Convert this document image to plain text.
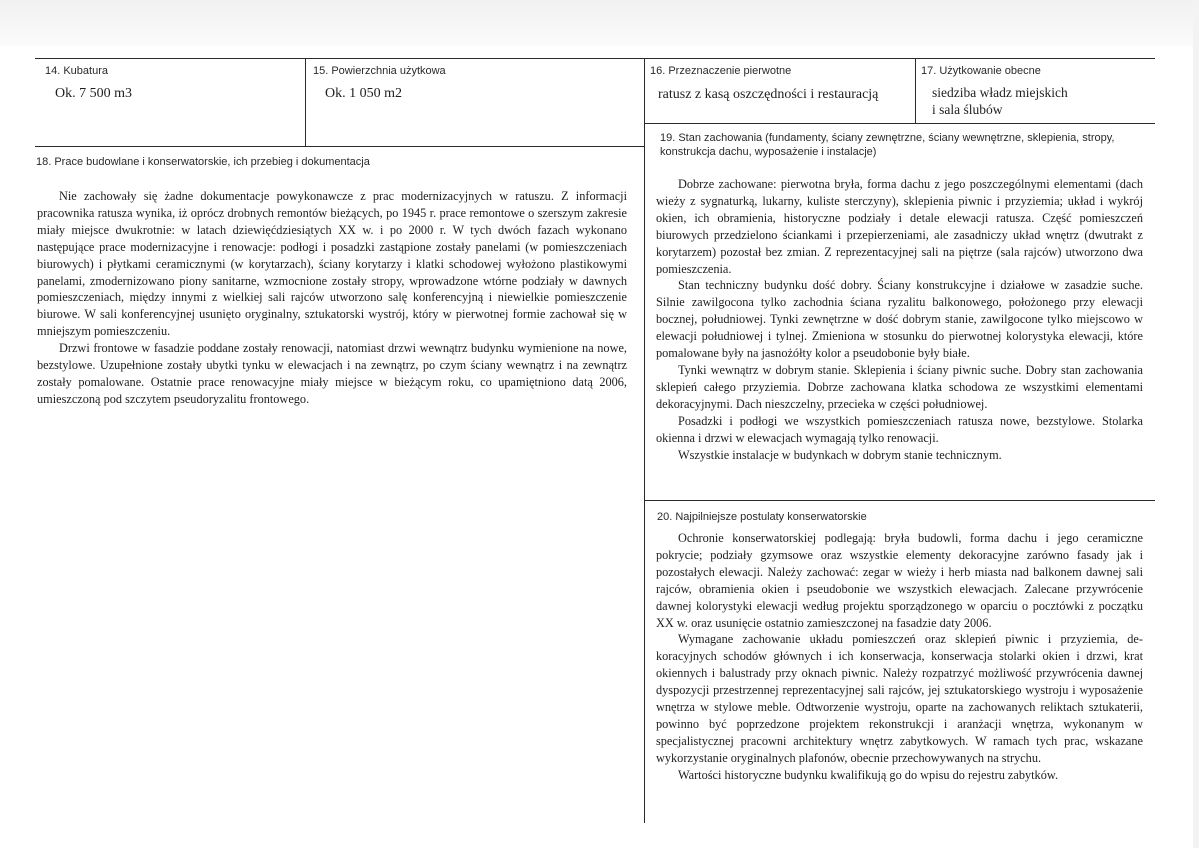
14. Kubatura
Ok. 7 500 m3
15. Powierzchnia użytkowa
Ok. 1 050 m2
16. Przeznaczenie pierwotne
ratusz z kasą oszczędności i restauracją
17. Użytkowanie obecne
siedziba władz miejskich
i sala ślubów
18. Prace budowlane i konserwatorskie, ich przebieg i dokumentacja

Nie zachowały się żadne dokumentacje powykonawcze z prac modernizacyjnych w ratuszu. Z informacji pracownika ratusza wynika, iż oprócz drobnych remontów bieżących, po 1945 r. prace remontowe o szerszym zakresie miały miejsce dwukrotnie: w latach dziewięćdziesiątych XX w. i po 2000 r. W tych dwóch fazach wykonano następujące prace modernizacyjne i renowacje: podłogi i posadzki zastąpione zostały panelami (w pomieszczeniach biurowych) i płytkami ceramicznymi (w korytarzach), ściany korytarzy i klatki schodowej wyłożono plastikowymi panelami, zmodernizowano piony sanitarne, wzmocnione zostały stropy, wprowadzone wtórne podziały w dawnych pomieszczeniach, między innymi z wielkiej sali rajców utworzono salę konferencyjną i niewielkie pomieszczenie biurowe. W sali konferencyjnej usunięto oryginalny, sztukatorski wystrój, który w pierwotnej formie zachował się w mniejszym pomieszczeniu.

Drzwi frontowe w fasadzie poddane zostały renowacji, natomiast drzwi wewnątrz budynku wymienione na nowe, bezstylowe. Uzupełnione zostały ubytki tynku w elewacjach i na zewnątrz, po czym ściany wewnątrz i na zewnątrz zostały pomalowane. Ostatnie prace renowacyjne miały miejsce w bieżącym roku, co upamiętniono datą 2006, umieszczoną pod szczytem pseudoryzalitu frontowego.

19. Stan zachowania (fundamenty, ściany zewnętrzne, ściany wewnętrzne, sklepienia, stropy, konstrukcja dachu, wyposażenie i instalacje)

Dobrze zachowane: pierwotna bryła, forma dachu z jego poszczególnymi elementami (dach wieży z sygnaturką, lukarny, kuliste sterczyny), sklepienia piwnic i przyziemia; układ i wykrój okien, ich obramienia, historyczne podziały i detale elewacji ratusza. Część pomieszczeń biurowych przedzielono ściankami i przepierzeniami, ale zasadniczy układ wnętrz (dwutrakt z korytarzem) pozostał bez zmian. Z reprezentacyjnej sali na piętrze (sala rajców) utworzono dwa pomieszczenia.

Stan techniczny budynku dość dobry. Ściany konstrukcyjne i działowe w zasadzie suche. Silnie zawilgocona tylko zachodnia ściana ryzalitu balkonowego, położonego przy elewacji bocznej, południowej. Tynki zewnętrzne w dość dobrym stanie, zawilgocone tylko miejscowo w elewacji południowej i tylnej. Zmieniona w stosunku do pierwotnej kolorystyka elewacji, które pomalowane były na jasnożółty kolor a pseudobonie były białe.

Tynki wewnątrz w dobrym stanie. Sklepienia i ściany piwnic suche. Dobry stan zachowania sklepień całego przyziemia. Dobrze zachowana klatka schodowa ze wszystkimi elementami dekoracyjnymi. Dach nieszczelny, przecieka w części południowej.

Posadzki i podłogi we wszystkich pomieszczeniach ratusza nowe, bezstylowe. Stolarka okienna i drzwi w elewacjach wymagają tylko renowacji.

Wszystkie instalacje w budynkach w dobrym stanie technicznym.

20. Najpilniejsze postulaty konserwatorskie

Ochronie konserwatorskiej podlegają: bryła budowli, forma dachu i jego ceramiczne pokrycie; podziały gzymsowe oraz wszystkie elementy dekoracyjne zarówno fasady jak i pozostałych elewacji. Należy zachować: zegar w wieży i herb miasta nad balkonem dawnej sali rajców, obramienia okien i pseudobonie we wszystkich elewacjach. Zalecane przywrócenie dawnej kolorystyki elewacji według projektu sporządzonego w oparciu o pocztówki z początku XX w. oraz usunięcie ostatnio zamieszczonej na fasadzie daty 2006.

Wymagane zachowanie układu pomieszczeń oraz sklepień piwnic i przyziemia, dekoracyjnych schodów głównych i ich konserwacja, konserwacja stolarki okien i drzwi, krat okiennych i balustrady przy oknach piwnic. Należy rozpatrzyć możliwość przywrócenia dawnej dyspozycji przestrzennej reprezentacyjnej sali rajców, jej sztukatorskiego wystroju i wyposażenie wnętrza w stylowe meble. Odtworzenie wystroju, oparte na zachowanych reliktach sztukaterii, powinno być poprzedzone projektem rekonstrukcji i aranżacji wnętrza, wykonanym w specjalistycznej pracowni architektury wnętrz zabytkowych. W ramach tych prac, wskazane wykorzystanie oryginalnych plafonów, obecnie przechowywanych na strychu.

Wartości historyczne budynku kwalifikują go do wpisu do rejestru zabytków.
